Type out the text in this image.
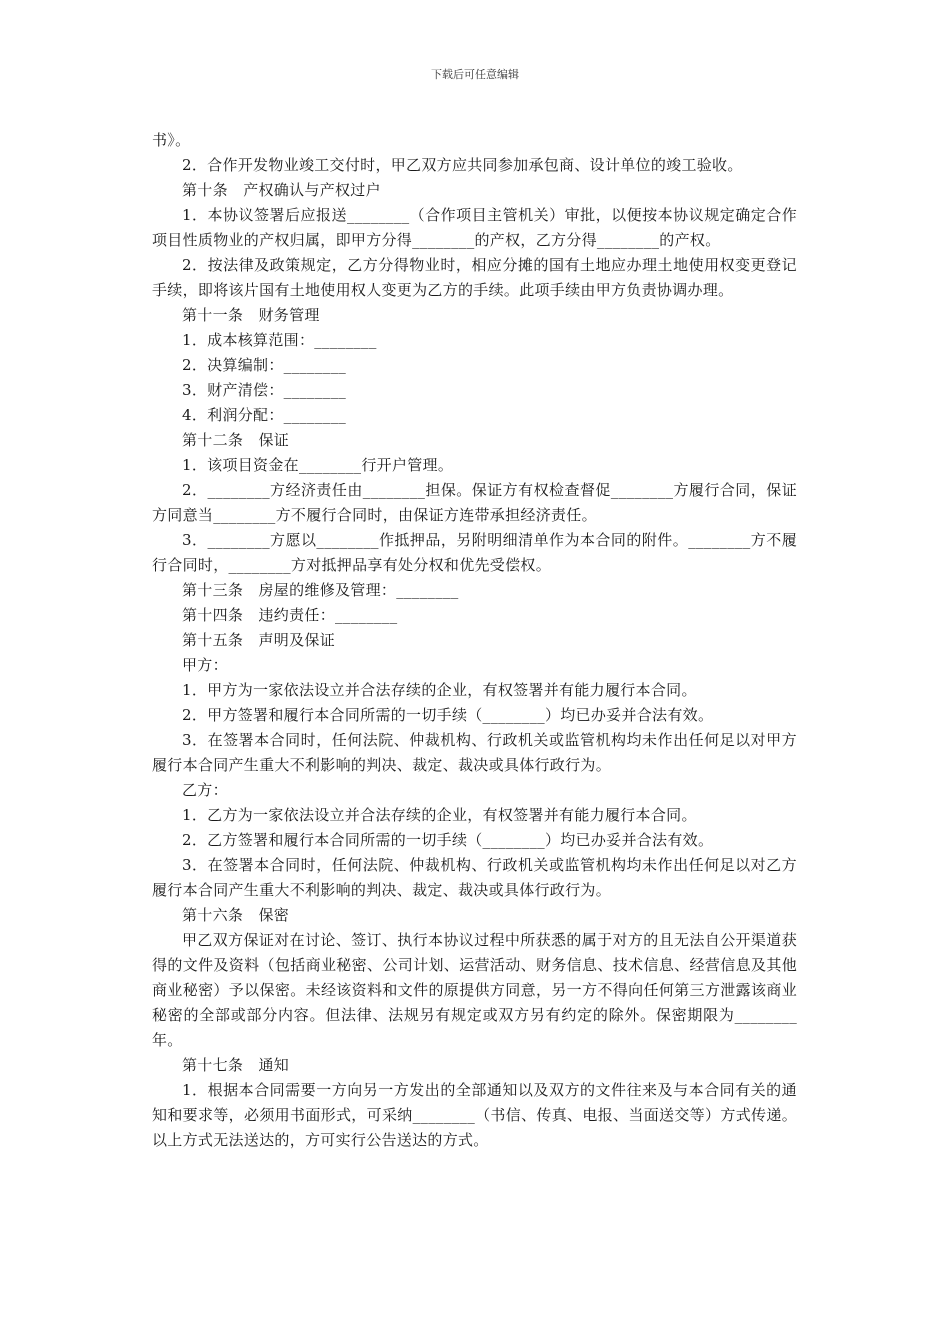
下载后可任意编辑

书》。

2．合作开发物业竣工交付时，甲乙双方应共同参加承包商、设计单位的竣工验收。

第十条　产权确认与产权过户

1．本协议签署后应报送________（合作项目主管机关）审批，以便按本协议规定确定合作项目性质物业的产权归属，即甲方分得________的产权，乙方分得________的产权。

2．按法律及政策规定，乙方分得物业时，相应分摊的国有土地应办理土地使用权变更登记手续，即将该片国有土地使用权人变更为乙方的手续。此项手续由甲方负责协调办理。

第十一条　财务管理

1．成本核算范围：________

2．决算编制：________

3．财产清偿：________

4．利润分配：________

第十二条　保证

1．该项目资金在________行开户管理。

2．________方经济责任由________担保。保证方有权检查督促________方履行合同，保证方同意当________方不履行合同时，由保证方连带承担经济责任。

3．________方愿以________作抵押品，另附明细清单作为本合同的附件。________方不履行合同时，________方对抵押品享有处分权和优先受偿权。

第十三条　房屋的维修及管理：________

第十四条　违约责任：________

第十五条　声明及保证

甲方：

1．甲方为一家依法设立并合法存续的企业，有权签署并有能力履行本合同。

2．甲方签署和履行本合同所需的一切手续（________）均已办妥并合法有效。

3．在签署本合同时，任何法院、仲裁机构、行政机关或监管机构均未作出任何足以对甲方履行本合同产生重大不利影响的判决、裁定、裁决或具体行政行为。

乙方：

1．乙方为一家依法设立并合法存续的企业，有权签署并有能力履行本合同。

2．乙方签署和履行本合同所需的一切手续（________）均已办妥并合法有效。

3．在签署本合同时，任何法院、仲裁机构、行政机关或监管机构均未作出任何足以对乙方履行本合同产生重大不利影响的判决、裁定、裁决或具体行政行为。

第十六条　保密

甲乙双方保证对在讨论、签订、执行本协议过程中所获悉的属于对方的且无法自公开渠道获得的文件及资料（包括商业秘密、公司计划、运营活动、财务信息、技术信息、经营信息及其他商业秘密）予以保密。未经该资料和文件的原提供方同意，另一方不得向任何第三方泄露该商业秘密的全部或部分内容。但法律、法规另有规定或双方另有约定的除外。保密期限为________年。

第十七条　通知

1．根据本合同需要一方向另一方发出的全部通知以及双方的文件往来及与本合同有关的通知和要求等，必须用书面形式，可采纳________（书信、传真、电报、当面送交等）方式传递。以上方式无法送达的，方可实行公告送达的方式。
